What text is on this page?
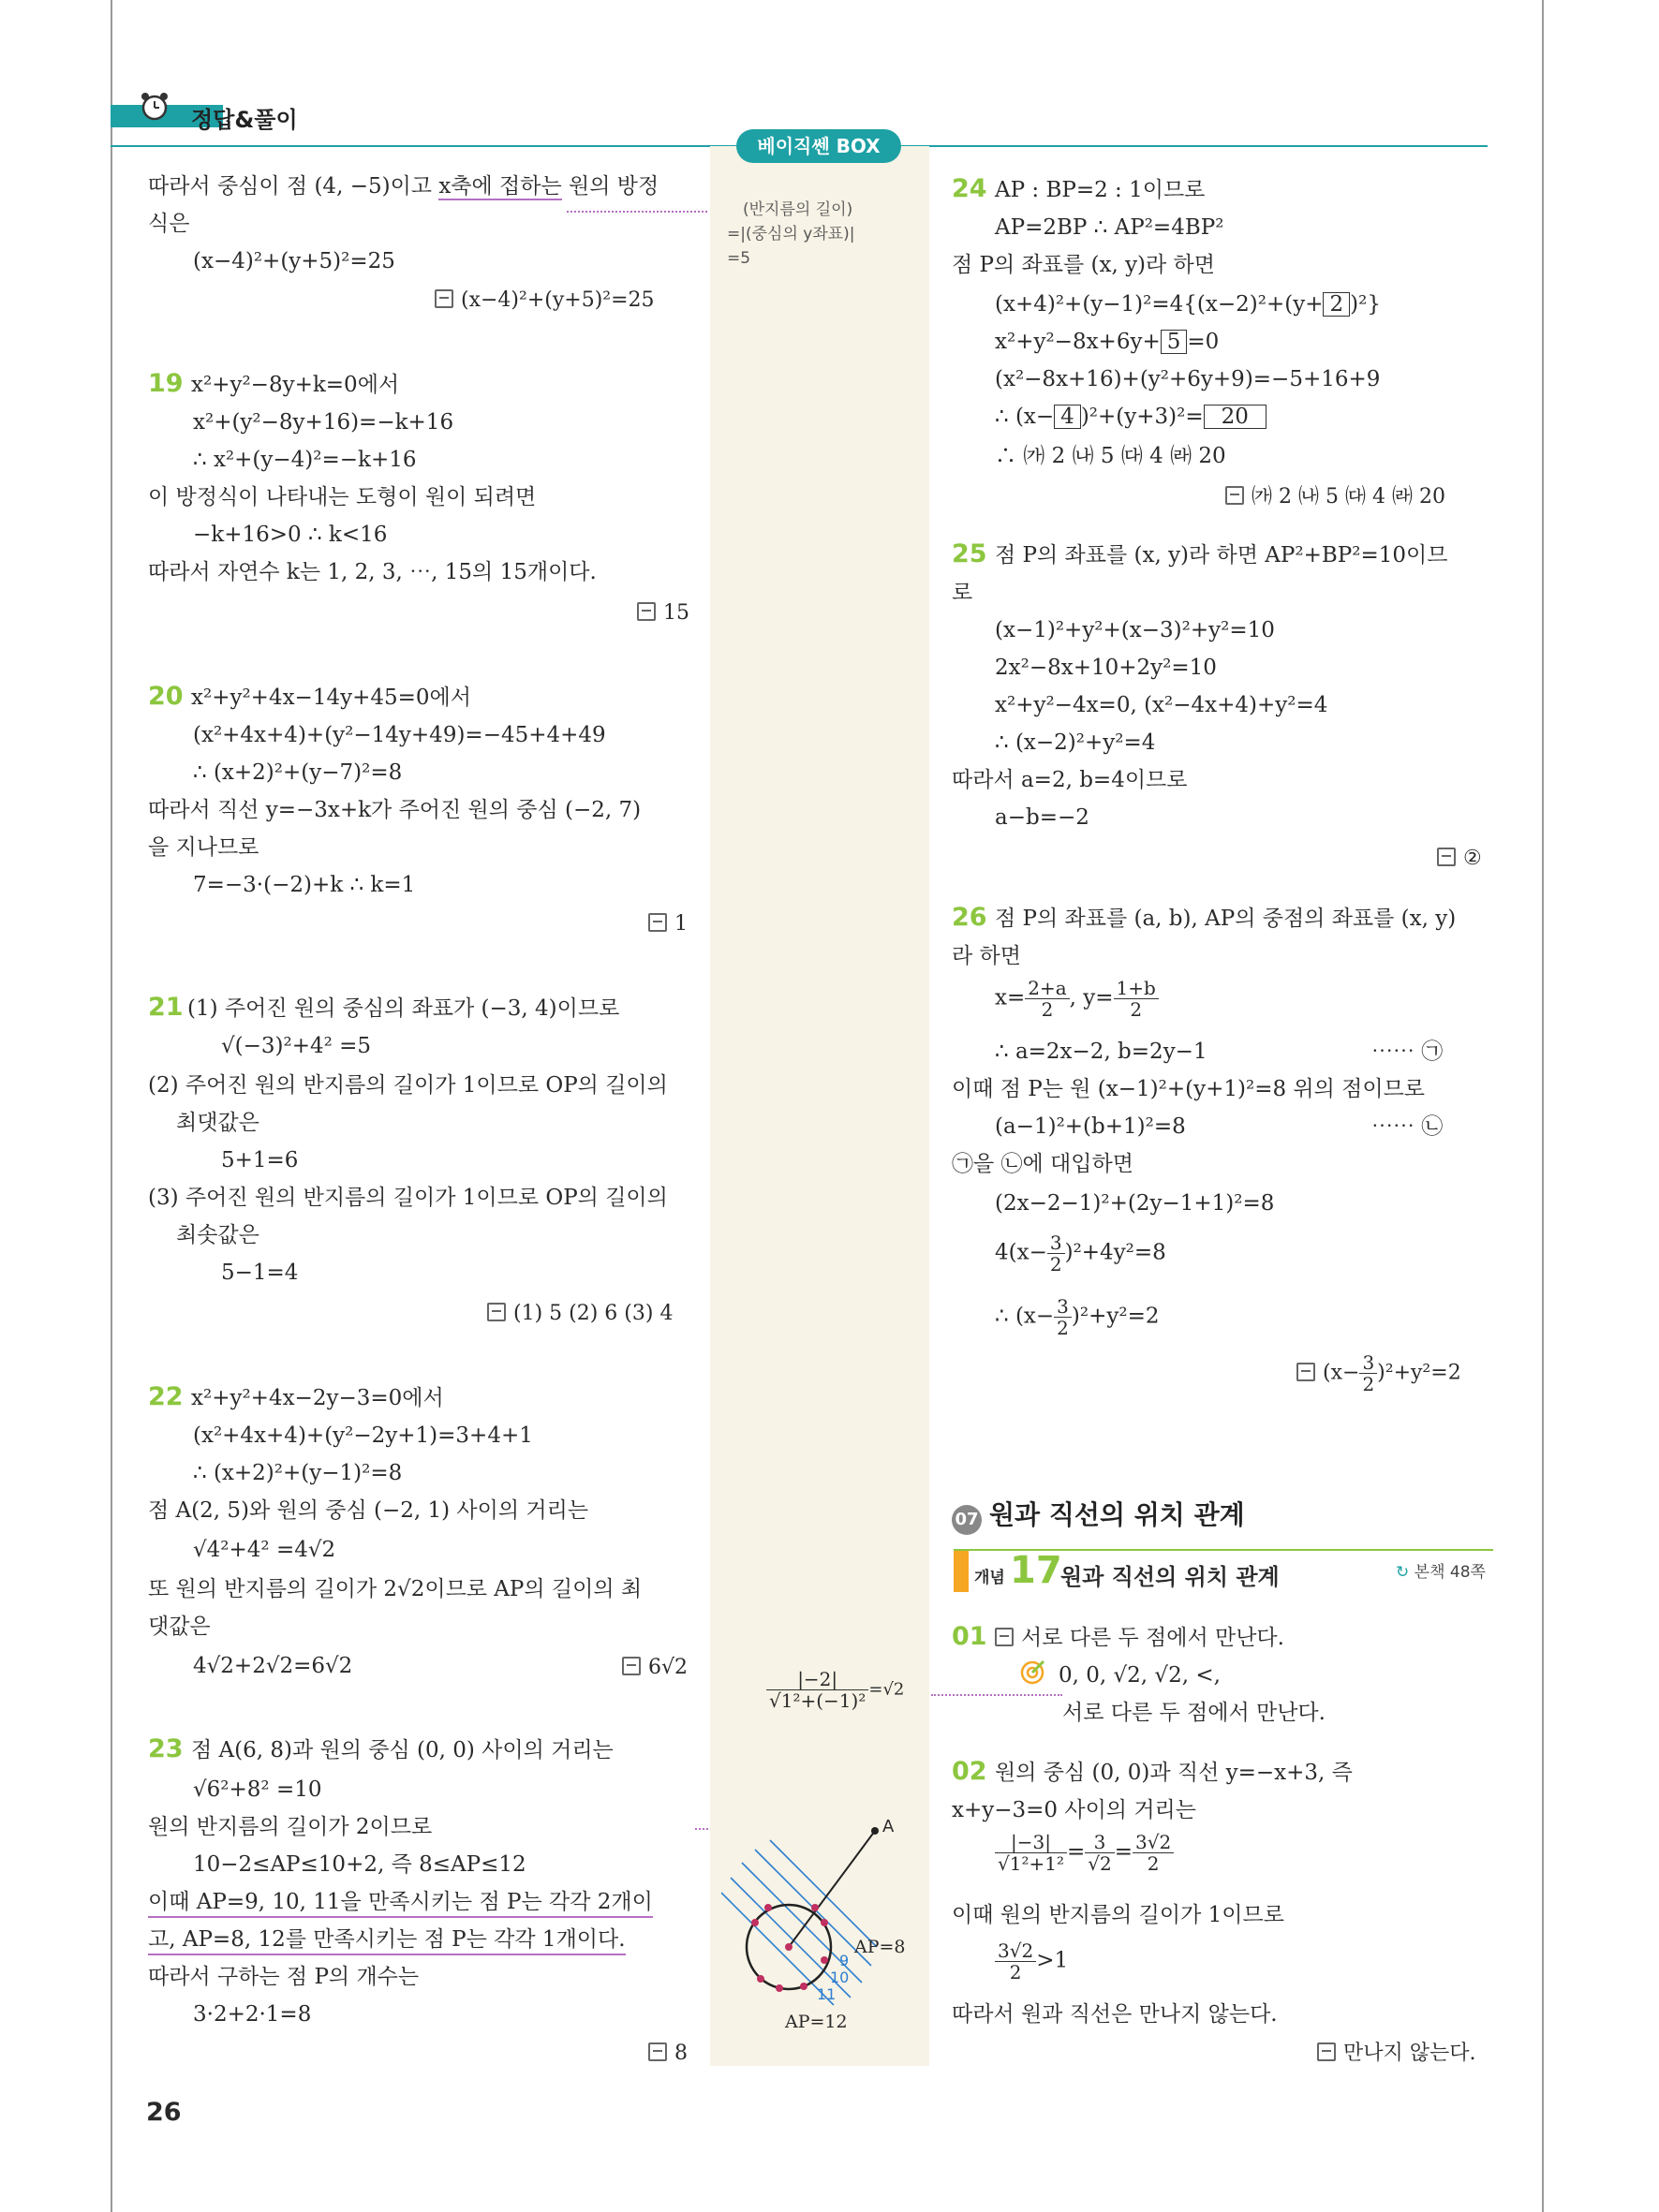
정답&풀이
베이직쎈 BOX
(반지름의 길이)
=|(중심의 y좌표)|
=5
$\frac{|-2|}{\text{√1²+(−1)²}} =√2$
A
9
10
11
AP=8
AP=12
따라서 중심이 점 (4, −5)이고 x축에 접하는 원의 방정
식은
(x−4)²+(y+5)²=25
(x−4)²+(y+5)²=25
19 x²+y²−8y+k=0에서
x²+(y²−8y+16)=−k+16
∴ x²+(y−4)²=−k+16
이 방정식이 나타내는 도형이 원이 되려면
−k+16>0 ∴ k<16
따라서 자연수 k는 1, 2, 3, ⋯, 15의 15개이다.
15
20 x²+y²+4x−14y+45=0에서
(x²+4x+4)+(y²−14y+49)=−45+4+49
∴ (x+2)²+(y−7)²=8
따라서 직선 y=−3x+k가 주어진 원의 중심 (−2, 7)
을 지나므로
7=−3·(−2)+k ∴ k=1
1
21 (1) 주어진 원의 중심의 좌표가 (−3, 4)이므로
√(−3)²+4² =5
(2) 주어진 원의 반지름의 길이가 1이므로 OP의 길이의
최댓값은
5+1=6
(3) 주어진 원의 반지름의 길이가 1이므로 OP의 길이의
최솟값은
5−1=4
(1) 5 (2) 6 (3) 4
22 x²+y²+4x−2y−3=0에서
(x²+4x+4)+(y²−2y+1)=3+4+1
∴ (x+2)²+(y−1)²=8
점 A(2, 5)와 원의 중심 (−2, 1) 사이의 거리는
√4²+4² =4√2
또 원의 반지름의 길이가 2√2이므로 AP의 길이의 최
댓값은
4√2+2√2=6√2	6√2
23 점 A(6, 8)과 원의 중심 (0, 0) 사이의 거리는
√6²+8² =10
원의 반지름의 길이가 2이므로
10−2≤AP≤10+2, 즉 8≤AP≤12
이때 AP=9, 10, 11을 만족시키는 점 P는 각각 2개이
고, AP=8, 12를 만족시키는 점 P는 각각 1개이다.
따라서 구하는 점 P의 개수는
3·2+2·1=8
8
26
24 AP : BP=2 : 1이므로
AP=2BP ∴ AP²=4BP²
점 P의 좌표를 (x, y)라 하면
(x+4)²+(y−1)²=4{(x−2)²+(y+ 2 )²}
x²+y²−8x+6y+ 5 =0
(x²−8x+16)+(y²+6y+9)=−5+16+9
∴ (x− 4 )²+(y+3)²= 20
∴ ㈎ 2 ㈏ 5 ㈐ 4 ㈑ 20
㈎ 2 ㈏ 5 ㈐ 4 ㈑ 20
25 점 P의 좌표를 (x, y)라 하면 AP²+BP²=10이므
로
(x−1)²+y²+(x−3)²+y²=10
2x²−8x+10+2y²=10
x²+y²−4x=0, (x²−4x+4)+y²=4
∴ (x−2)²+y²=4
따라서 a=2, b=4이므로
a−b=−2
②
26 점 P의 좌표를 (a, b), AP의 중점의 좌표를 (x, y)
라 하면
$x= \frac{2+a}{2}$ , $y= \frac{1+b}{2}$
∴ a=2x−2, b=2y−1	⋯⋯ ㉠
이때 점 P는 원 (x−1)²+(y+1)²=8 위의 점이므로
(a−1)²+(b+1)²=8	⋯⋯ ㉡
㉠을 ㉡에 대입하면
(2x−2−1)²+(2y−1+1)²=8
$4(x- \frac{3}{2} )^2+4y^2=8$
∴ $(x- \frac{3}{2} )^2+y^2=2$
$(x- \frac{3}{2} )^2+y^2=2$
07 원과 직선의 위치 관계
개념 17
원과 직선의 위치 관계	↻ 본책 48쪽
01	서로 다른 두 점에서 만난다.
0, 0, √2, √2, <,
서로 다른 두 점에서 만난다.
02 원의 중심 (0, 0)과 직선 y=−x+3, 즉
x+y−3=0 사이의 거리는
$\frac{|-3|}{\text{√1²+1²}} = \frac{3}{√2} = \frac{3√2}{2}$
이때 원의 반지름의 길이가 1이므로
$\frac{3√2}{2} >1$
따라서 원과 직선은 만나지 않는다.
만나지 않는다.
